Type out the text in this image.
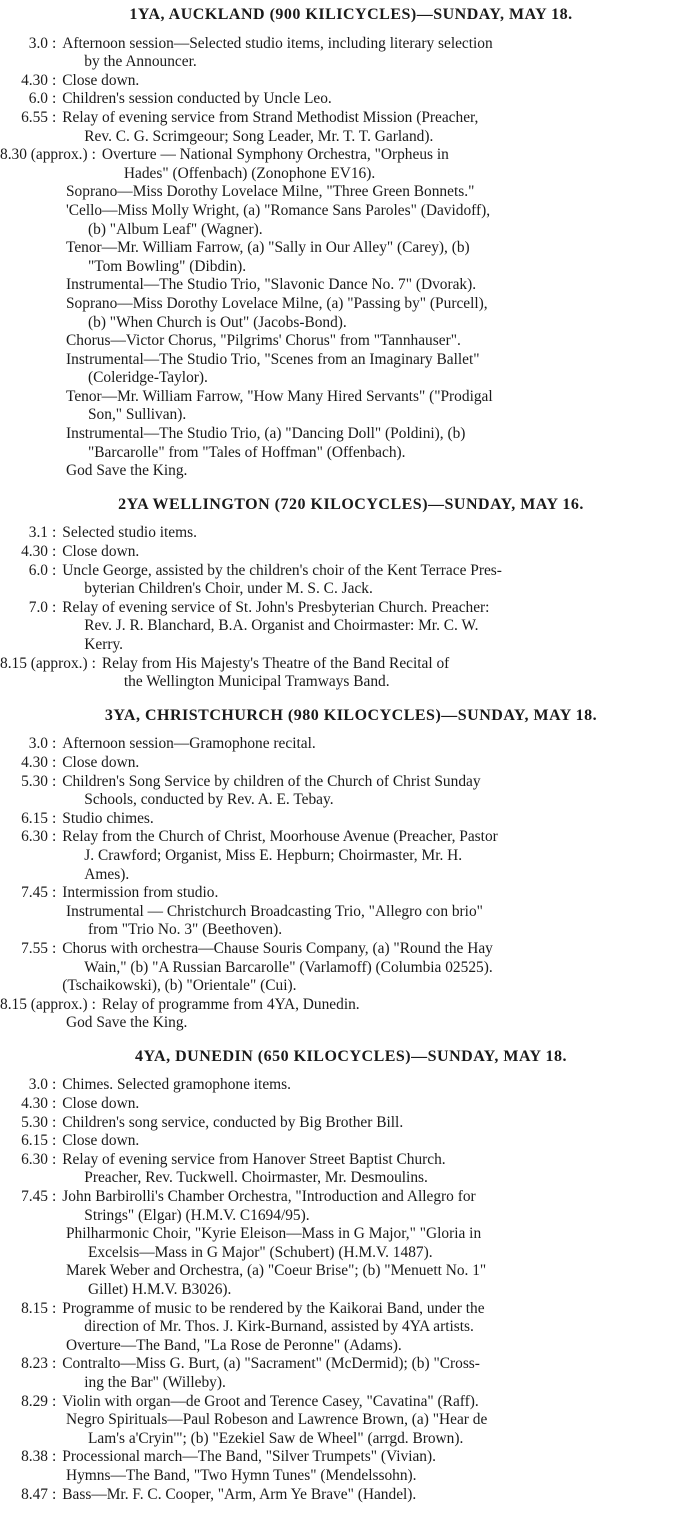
1YA, AUCKLAND (900 KILICYCLES)—SUNDAY, MAY 18.
3.0 : Afternoon session—Selected studio items, including literary selection
by the Announcer.
4.30 : Close down.
6.0 : Children's session conducted by Uncle Leo.
6.55 : Relay of evening service from Strand Methodist Mission (Preacher,
Rev. C. G. Scrimgeour; Song Leader, Mr. T. T. Garland).
8.30 (approx.) : Overture — National Symphony Orchestra, "Orpheus in
Hades" (Offenbach) (Zonophone EV16).
Soprano—Miss Dorothy Lovelace Milne, "Three Green Bonnets."
'Cello—Miss Molly Wright, (a) "Romance Sans Paroles" (Davidoff),
(b) "Album Leaf" (Wagner).
Tenor—Mr. William Farrow, (a) "Sally in Our Alley" (Carey), (b)
"Tom Bowling" (Dibdin).
Instrumental—The Studio Trio, "Slavonic Dance No. 7" (Dvorak).
Soprano—Miss Dorothy Lovelace Milne, (a) "Passing by" (Purcell),
(b) "When Church is Out" (Jacobs-Bond).
Chorus—Victor Chorus, "Pilgrims' Chorus" from "Tannhauser".
Instrumental—The Studio Trio, "Scenes from an Imaginary Ballet"
(Coleridge-Taylor).
Tenor—Mr. William Farrow, "How Many Hired Servants" ("Prodigal
Son," Sullivan).
Instrumental—The Studio Trio, (a) "Dancing Doll" (Poldini), (b)
"Barcarolle" from "Tales of Hoffman" (Offenbach).
God Save the King.
2YA WELLINGTON (720 KILOCYCLES)—SUNDAY, MAY 16.
3.1 : Selected studio items.
4.30 : Close down.
6.0 : Uncle George, assisted by the children's choir of the Kent Terrace Pres-
byterian Children's Choir, under M. S. C. Jack.
7.0 : Relay of evening service of St. John's Presbyterian Church. Preacher:
Rev. J. R. Blanchard, B.A. Organist and Choirmaster: Mr. C. W.
Kerry.
8.15 (approx.) : Relay from His Majesty's Theatre of the Band Recital of
the Wellington Municipal Tramways Band.
3YA, CHRISTCHURCH (980 KILOCYCLES)—SUNDAY, MAY 18.
3.0 : Afternoon session—Gramophone recital.
4.30 : Close down.
5.30 : Children's Song Service by children of the Church of Christ Sunday
Schools, conducted by Rev. A. E. Tebay.
6.15 : Studio chimes.
6.30 : Relay from the Church of Christ, Moorhouse Avenue (Preacher, Pastor
J. Crawford; Organist, Miss E. Hepburn; Choirmaster, Mr. H.
Ames).
7.45 : Intermission from studio.
Instrumental — Christchurch Broadcasting Trio, "Allegro con brio"
from "Trio No. 3" (Beethoven).
7.55 : Chorus with orchestra—Chause Souris Company, (a) "Round the Hay
Wain," (b) "A Russian Barcarolle" (Varlamoff) (Columbia 02525).
(Tschaikowski), (b) "Orientale" (Cui).
8.15 (approx.) : Relay of programme from 4YA, Dunedin.
God Save the King.
4YA, DUNEDIN (650 KILOCYCLES)—SUNDAY, MAY 18.
3.0 : Chimes. Selected gramophone items.
4.30 : Close down.
5.30 : Children's song service, conducted by Big Brother Bill.
6.15 : Close down.
6.30 : Relay of evening service from Hanover Street Baptist Church.
Preacher, Rev. Tuckwell. Choirmaster, Mr. Desmoulins.
7.45 : John Barbirolli's Chamber Orchestra, "Introduction and Allegro for
Strings" (Elgar) (H.M.V. C1694/95).
Philharmonic Choir, "Kyrie Eleison—Mass in G Major," "Gloria in
Excelsis—Mass in G Major" (Schubert) (H.M.V. 1487).
Marek Weber and Orchestra, (a) "Coeur Brise"; (b) "Menuett No. 1"
Gillet) H.M.V. B3026).
8.15 : Programme of music to be rendered by the Kaikorai Band, under the
direction of Mr. Thos. J. Kirk-Burnand, assisted by 4YA artists.
Overture—The Band, "La Rose de Peronne" (Adams).
8.23 : Contralto—Miss G. Burt, (a) "Sacrament" (McDermid); (b) "Cross-
ing the Bar" (Willeby).
8.29 : Violin with organ—de Groot and Terence Casey, "Cavatina" (Raff).
Negro Spirituals—Paul Robeson and Lawrence Brown, (a) "Hear de
Lam's a'Cryin'"; (b) "Ezekiel Saw de Wheel" (arrgd. Brown).
8.38 : Processional march—The Band, "Silver Trumpets" (Vivian).
Hymns—The Band, "Two Hymn Tunes" (Mendelssohn).
8.47 : Bass—Mr. F. C. Cooper, "Arm, Arm Ye Brave" (Handel).
